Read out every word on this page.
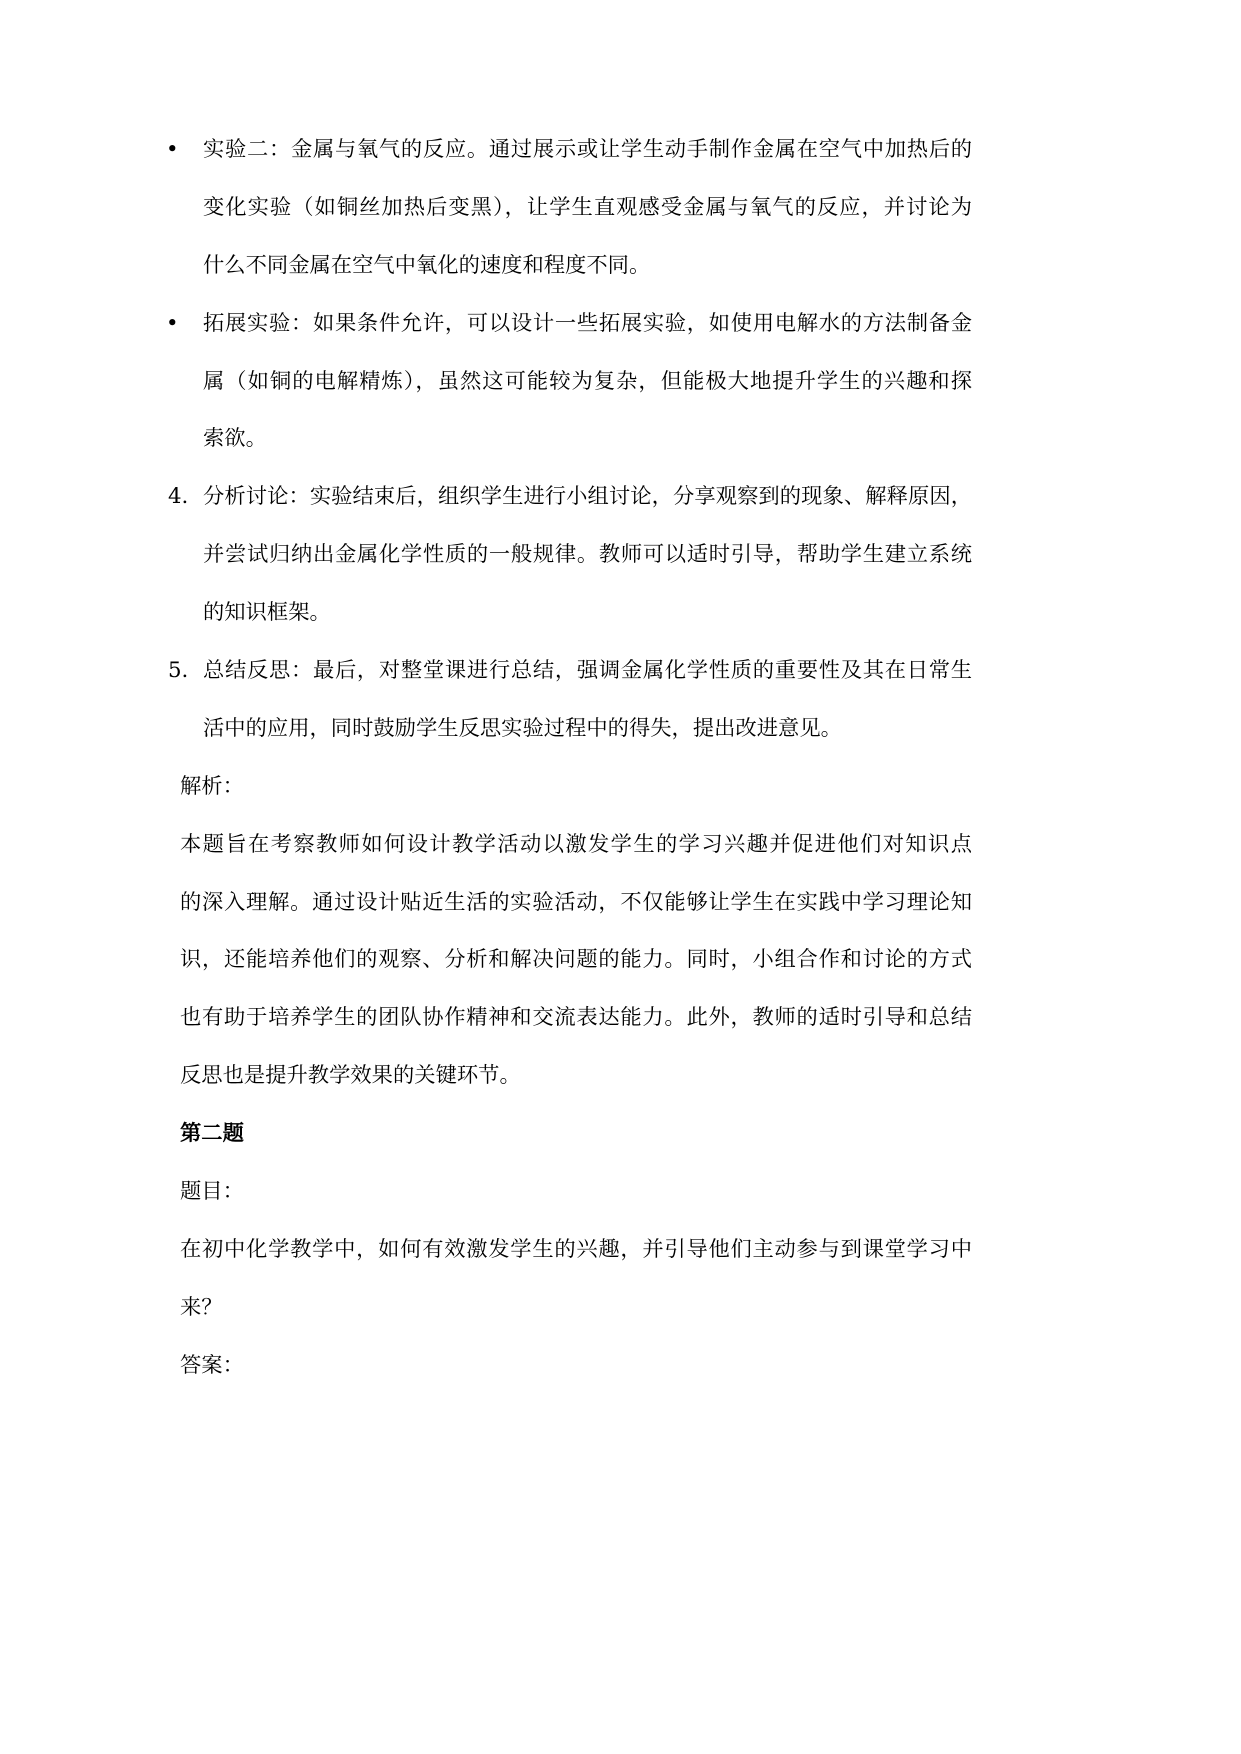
• 实验二：金属与氧气的反应。通过展示或让学生动手制作金属在空气中加热后的
变化实验（如铜丝加热后变黑），让学生直观感受金属与氧气的反应，并讨论为
什么不同金属在空气中氧化的速度和程度不同。
• 拓展实验：如果条件允许，可以设计一些拓展实验，如使用电解水的方法制备金
属（如铜的电解精炼），虽然这可能较为复杂，但能极大地提升学生的兴趣和探
索欲。
4. 分析讨论：实验结束后，组织学生进行小组讨论，分享观察到的现象、解释原因，
并尝试归纳出金属化学性质的一般规律。教师可以适时引导，帮助学生建立系统
的知识框架。
5. 总结反思：最后，对整堂课进行总结，强调金属化学性质的重要性及其在日常生
活中的应用，同时鼓励学生反思实验过程中的得失，提出改进意见。
解析：
本题旨在考察教师如何设计教学活动以激发学生的学习兴趣并促进他们对知识点
的深入理解。通过设计贴近生活的实验活动，不仅能够让学生在实践中学习理论知
识，还能培养他们的观察、分析和解决问题的能力。同时，小组合作和讨论的方式
也有助于培养学生的团队协作精神和交流表达能力。此外，教师的适时引导和总结
反思也是提升教学效果的关键环节。
第二题
题目：
在初中化学教学中，如何有效激发学生的兴趣，并引导他们主动参与到课堂学习中
来？
答案：
